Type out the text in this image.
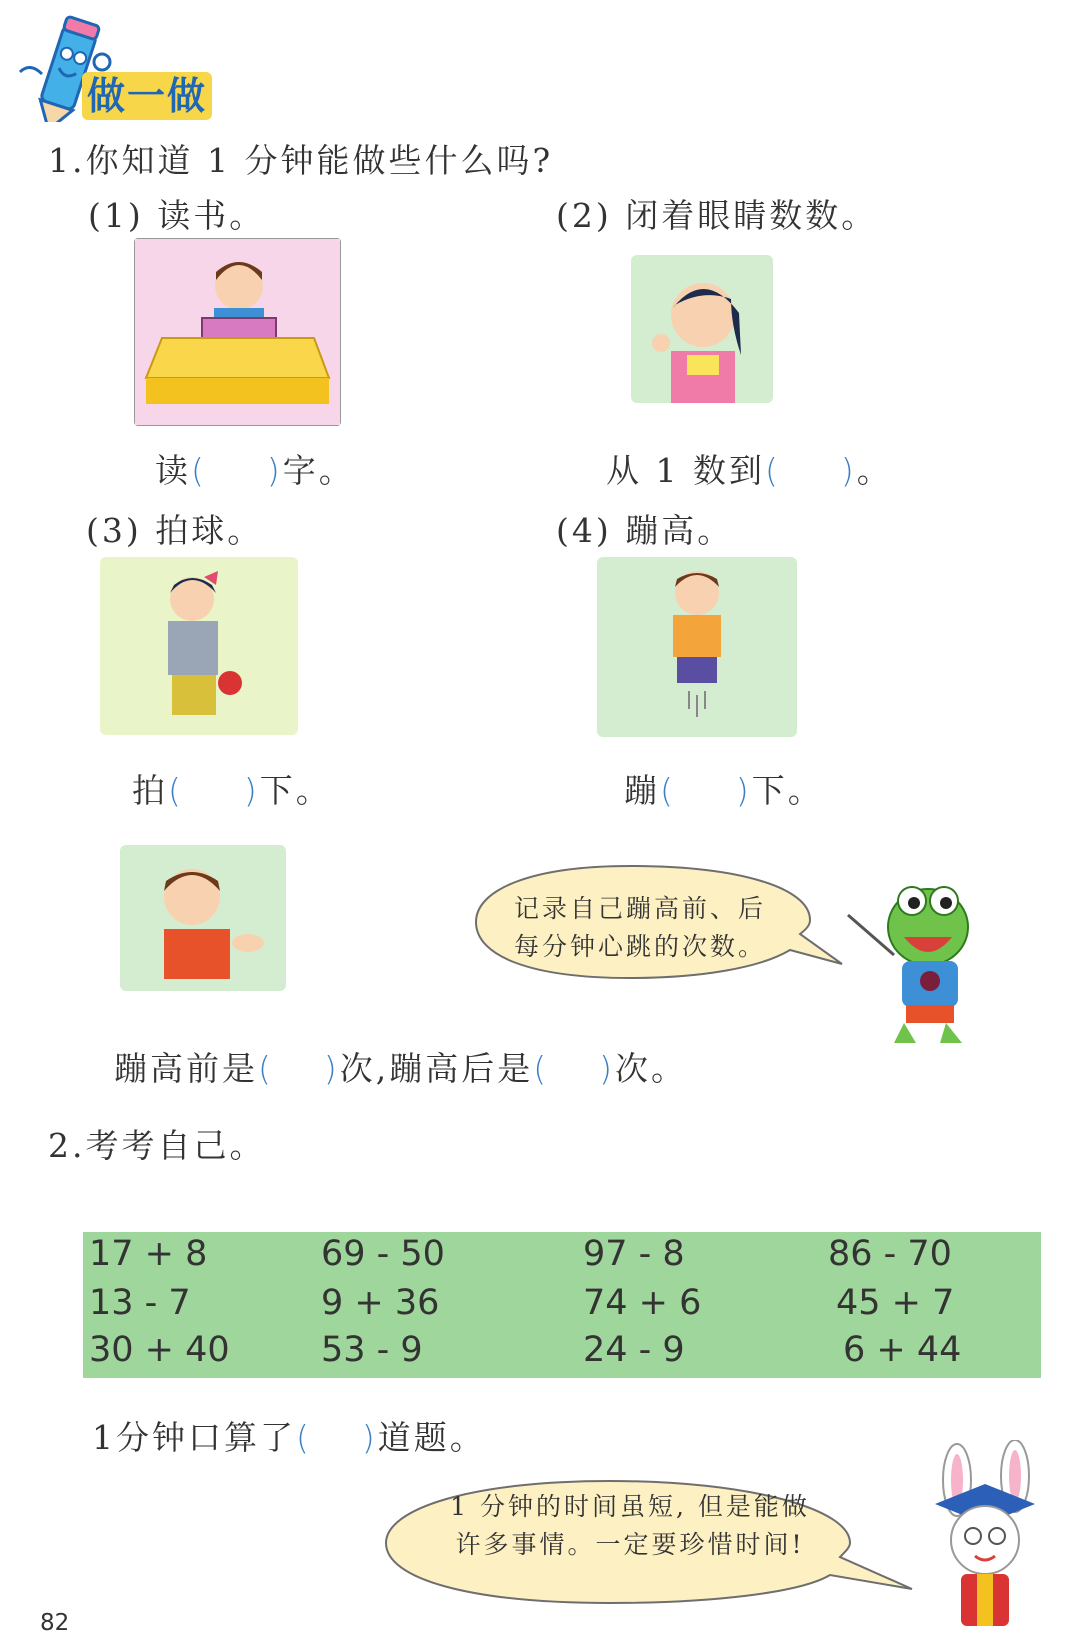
做一做
1.你知道 1 分钟能做些什么吗?
(1) 读书。	(2) 闭着眼睛数数。
读( )字。	从 1 数到( )。
(3) 拍球。	(4) 蹦高。
拍( )下。	蹦( )下。
记录自己蹦高前、后
每分钟心跳的次数。
蹦高前是( )次,蹦高后是( )次。
2.考考自己。
17 + 8	69 - 50	97 - 8	86 - 70
13 - 7	9 + 36	74 + 6	45 + 7
30 + 40	53 - 9	24 - 9	6 + 44
1分钟口算了( )道题。
1 分钟的时间虽短, 但是能做
许多事情。一定要珍惜时间!
82
